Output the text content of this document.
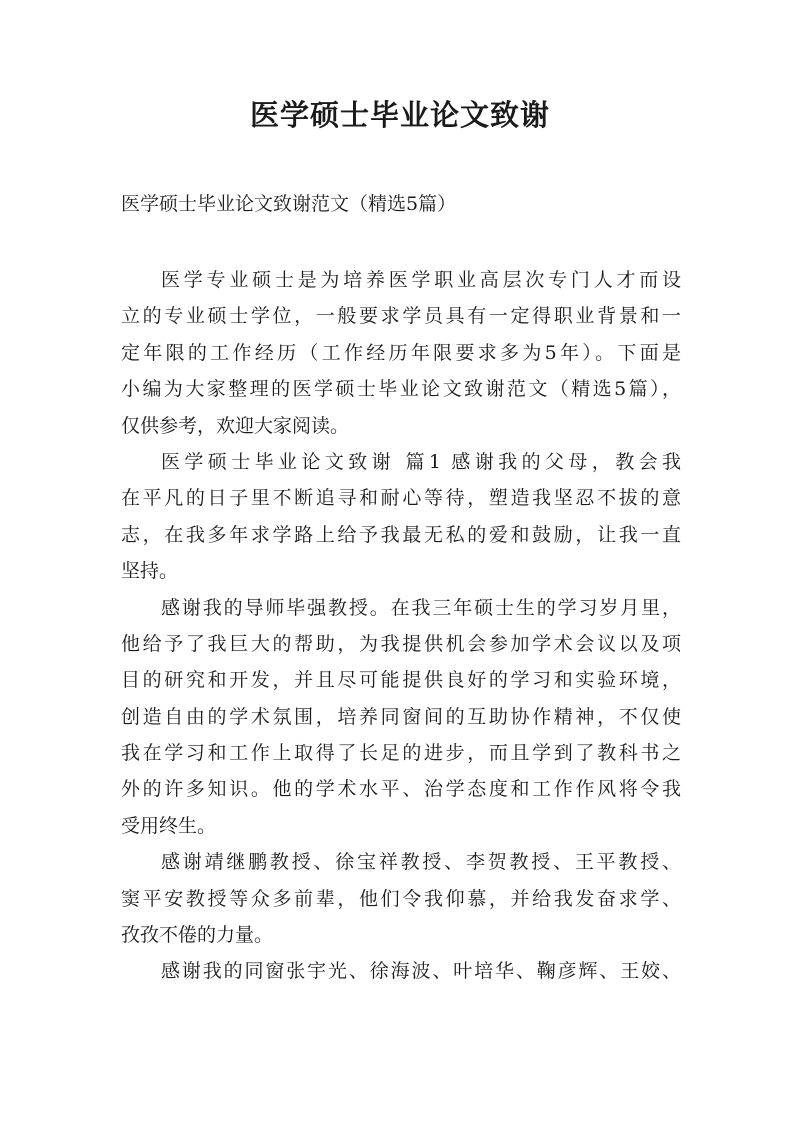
医学硕士毕业论文致谢
医学硕士毕业论文致谢范文（精选5篇）
医学专业硕士是为培养医学职业高层次专门人才而设
立的专业硕士学位，一般要求学员具有一定得职业背景和一
定年限的工作经历（工作经历年限要求多为5年）。下面是
小编为大家整理的医学硕士毕业论文致谢范文（精选5篇），
仅供参考，欢迎大家阅读。
医学硕士毕业论文致谢 篇1 感谢我的父母，教会我
在平凡的日子里不断追寻和耐心等待，塑造我坚忍不拔的意
志，在我多年求学路上给予我最无私的爱和鼓励，让我一直
坚持。
感谢我的导师毕强教授。在我三年硕士生的学习岁月里，
他给予了我巨大的帮助，为我提供机会参加学术会议以及项
目的研究和开发，并且尽可能提供良好的学习和实验环境，
创造自由的学术氛围，培养同窗间的互助协作精神，不仅使
我在学习和工作上取得了长足的进步，而且学到了教科书之
外的许多知识。他的学术水平、治学态度和工作作风将令我
受用终生。
感谢靖继鹏教授、徐宝祥教授、李贺教授、王平教授、
窦平安教授等众多前辈，他们令我仰慕，并给我发奋求学、
孜孜不倦的力量。
感谢我的同窗张宇光、徐海波、叶培华、鞠彦辉、王姣、
